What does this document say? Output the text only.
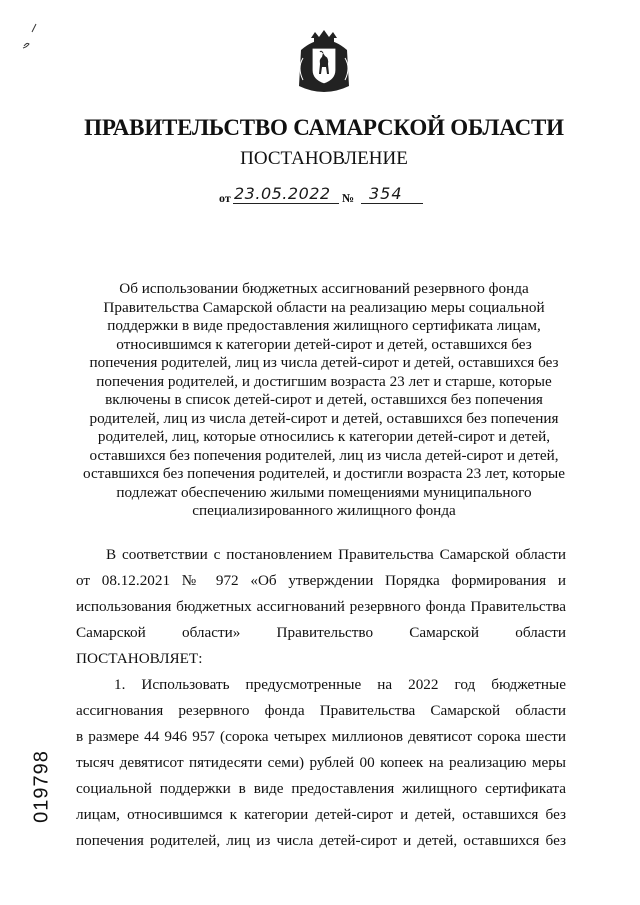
ПРАВИТЕЛЬСТВО САМАРСКОЙ ОБЛАСТИ
ПОСТАНОВЛЕНИЕ
от 23.05.2022 № 354
Об использовании бюджетных ассигнований резервного фонда
Правительства Самарской области на реализацию меры социальной
поддержки в виде предоставления жилищного сертификата лицам,
относившимся к категории детей-сирот и детей, оставшихся без
попечения родителей, лиц из числа детей-сирот и детей, оставшихся без
попечения родителей, и достигшим возраста 23 лет и старше, которые
включены в список детей-сирот и детей, оставшихся без попечения
родителей, лиц из числа детей-сирот и детей, оставшихся без попечения
родителей, лиц, которые относились к категории детей-сирот и детей,
оставшихся без попечения родителей, лиц из числа детей-сирот и детей,
оставшихся без попечения родителей, и достигли возраста 23 лет, которые
подлежат обеспечению жилыми помещениями муниципального
специализированного жилищного фонда
В соответствии с постановлением Правительства Самарской области
от 08.12.2021 № 972 «Об утверждении Порядка формирования и
использования бюджетных ассигнований резервного фонда Правительства
Самарской области» Правительство Самарской области
ПОСТАНОВЛЯЕТ:
1. Использовать предусмотренные на 2022 год бюджетные
ассигнования резервного фонда Правительства Самарской области
в размере 44 946 957 (сорока четырех миллионов девятисот сорока шести
тысяч девятисот пятидесяти семи) рублей 00 копеек на реализацию меры
социальной поддержки в виде предоставления жилищного сертификата
лицам, относившимся к категории детей-сирот и детей, оставшихся без
попечения родителей, лиц из числа детей-сирот и детей, оставшихся без
019798
